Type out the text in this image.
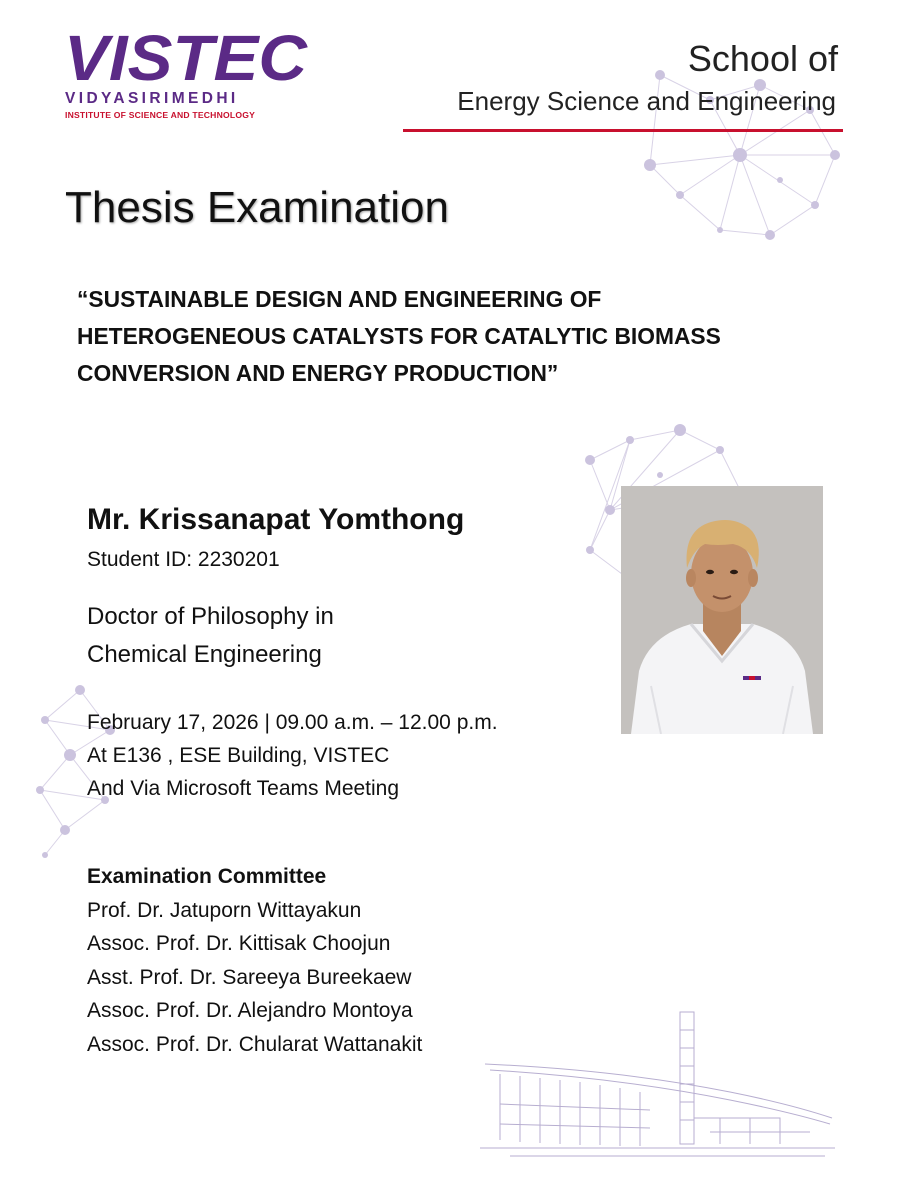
VISTEC
VIDYASIRIMEDHI
INSTITUTE OF SCIENCE AND TECHNOLOGY
School of
Energy Science and Engineering
Thesis Examination
“SUSTAINABLE DESIGN AND ENGINEERING OF HETEROGENEOUS CATALYSTS FOR CATALYTIC BIOMASS CONVERSION AND ENERGY PRODUCTION”
Mr. Krissanapat Yomthong
Student ID: 2230201
Doctor of Philosophy in Chemical Engineering
February 17, 2026 | 09.00 a.m. – 12.00 p.m.
At E136 , ESE Building, VISTEC
And Via Microsoft Teams Meeting
Examination Committee
Prof. Dr. Jatuporn Wittayakun
Assoc. Prof. Dr. Kittisak Choojun
Asst. Prof. Dr. Sareeya Bureekaew
Assoc. Prof. Dr. Alejandro Montoya
Assoc. Prof. Dr. Chularat Wattanakit
